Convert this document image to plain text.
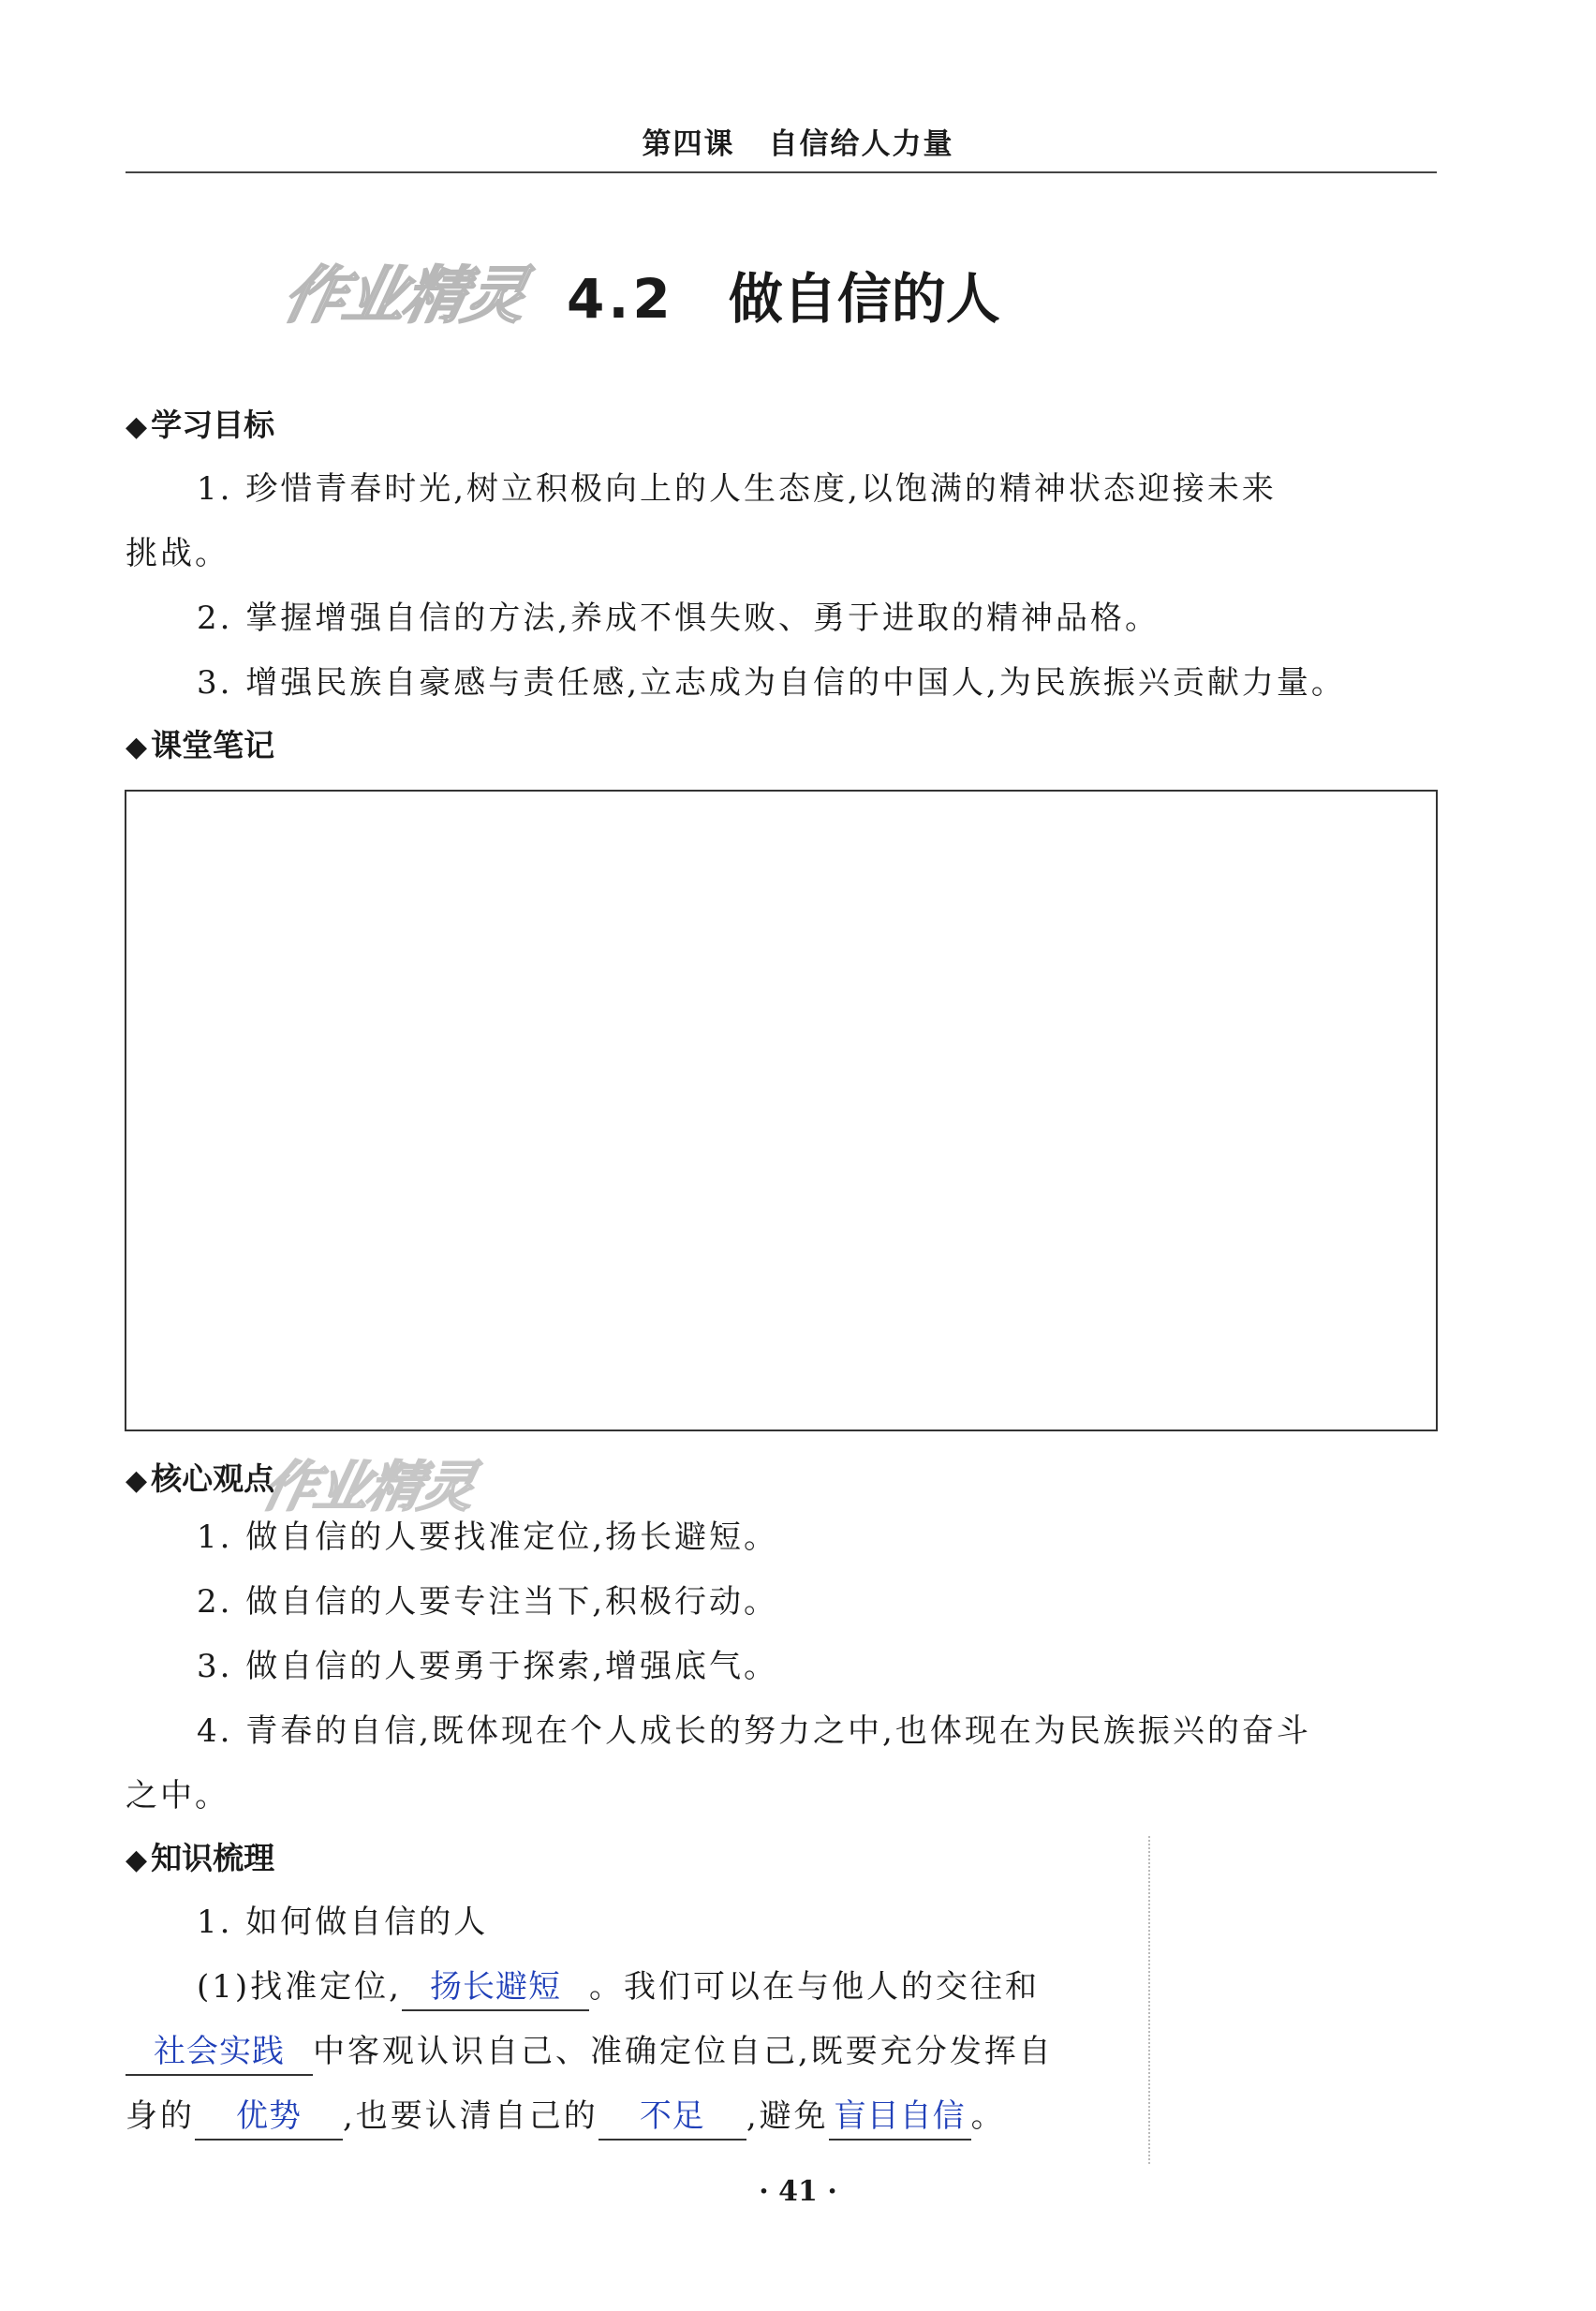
第四课 自信给人力量
作业精灵
作业精灵
4.2 做自信的人
◆ 学习目标
1. 珍惜青春时光,树立积极向上的人生态度,以饱满的精神状态迎接未来
挑战。
2. 掌握增强自信的方法,养成不惧失败、勇于进取的精神品格。
3. 增强民族自豪感与责任感,立志成为自信的中国人,为民族振兴贡献力量。
◆ 课堂笔记
◆ 核心观点
1. 做自信的人要找准定位,扬长避短。
2. 做自信的人要专注当下,积极行动。
3. 做自信的人要勇于探索,增强底气。
4. 青春的自信,既体现在个人成长的努力之中,也体现在为民族振兴的奋斗
之中。
◆ 知识梳理
1. 如何做自信的人
(1)找准定位, 扬长避短 。我们可以在与他人的交往和
社会实践 中客观认识自己、准确定位自己,既要充分发挥自
身的 优势 ,也要认清自己的 不足 ,避免 盲目自信 。
· 41 ·
